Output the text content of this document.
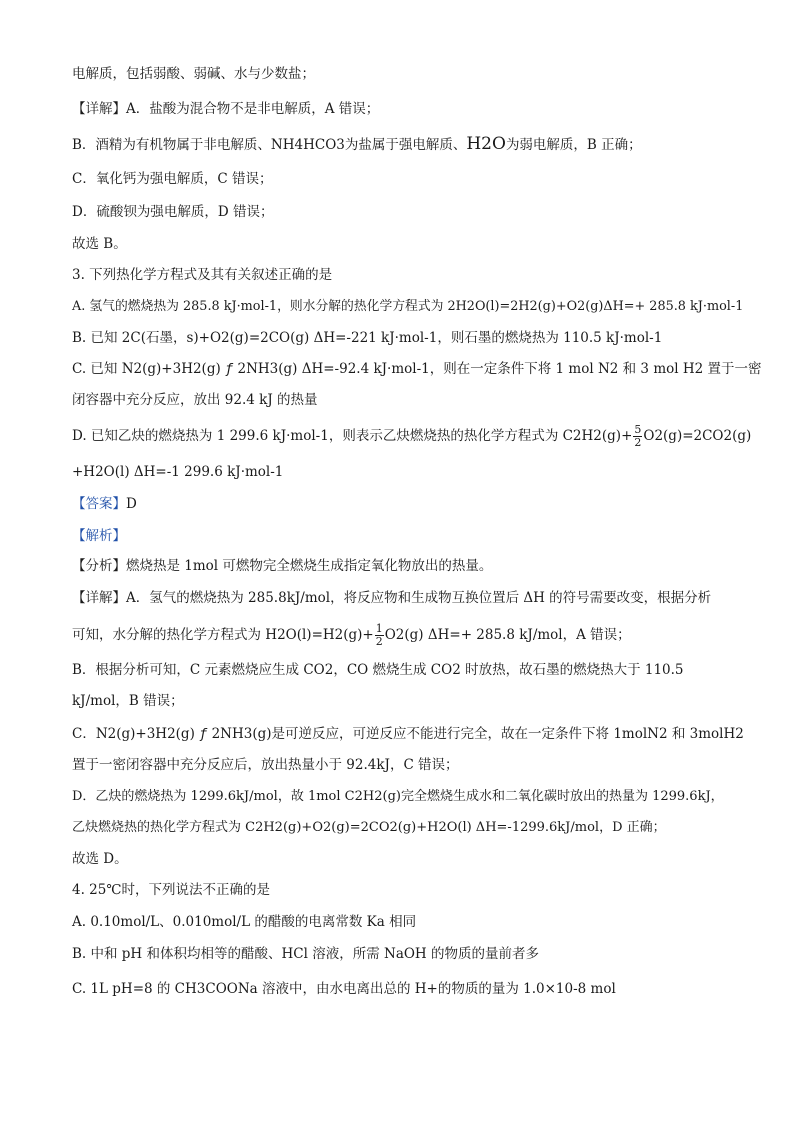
电解质，包括弱酸、弱碱、水与少数盐；
【详解】A．盐酸为混合物不是非电解质，A 错误；
B．酒精为有机物属于非电解质、NH4HCO3为盐属于强电解质、H2O为弱电解质，B 正确；
C．氧化钙为强电解质，C 错误；
D．硫酸钡为强电解质，D 错误；
故选 B。
3. 下列热化学方程式及其有关叙述正确的是
A. 氢气的燃烧热为 285.8 kJ·mol-1，则水分解的热化学方程式为 2H2O(l)=2H2(g)+O2(g)ΔH=+ 285.8 kJ·mol-1
B. 已知 2C(石墨，s)+O2(g)=2CO(g) ΔH=-221 kJ·mol-1，则石墨的燃烧热为 110.5 kJ·mol-1
C. 已知 N2(g)+3H2(g) ƒ 2NH3(g) ΔH=-92.4 kJ·mol-1，则在一定条件下将 1 mol N2 和 3 mol H2 置于一密
闭容器中充分反应，放出 92.4 kJ 的热量
D. 已知乙炔的燃烧热为 1 299.6 kJ·mol-1，则表示乙炔燃烧热的热化学方程式为 $C2H2(g)+ \frac{5}{2} O2(g)=2CO2(g)$
+H2O(l) ΔH=-1 299.6 kJ·mol-1
【答案】D
【解析】
【分析】燃烧热是 1mol 可燃物完全燃烧生成指定氧化物放出的热量。
【详解】A．氢气的燃烧热为 285.8kJ/mol，将反应物和生成物互换位置后 ΔH 的符号需要改变，根据分析
可知，水分解的热化学方程式为 $H2O(l)=H2(g)+ \frac{1}{2} O2(g)$ ΔH=+ 285.8 kJ/mol，A 错误；
B．根据分析可知，C 元素燃烧应生成 CO2，CO 燃烧生成 CO2 时放热，故石墨的燃烧热大于 110.5
kJ/mol，B 错误；
C．N2(g)+3H2(g) ƒ 2NH3(g)是可逆反应，可逆反应不能进行完全，故在一定条件下将 1molN2 和 3molH2
置于一密闭容器中充分反应后，放出热量小于 92.4kJ，C 错误；
D．乙炔的燃烧热为 1299.6kJ/mol，故 1mol C2H2(g)完全燃烧生成水和二氧化碳时放出的热量为 1299.6kJ，
乙炔燃烧热的热化学方程式为 C2H2(g)+O2(g)=2CO2(g)+H2O(l) ΔH=-1299.6kJ/mol，D 正确；
故选 D。
4. 25℃时，下列说法不正确的是
A. 0.10mol/L、0.010mol/L 的醋酸的电离常数 Ka 相同
B. 中和 pH 和体积均相等的醋酸、HCl 溶液，所需 NaOH 的物质的量前者多
C. 1L pH=8 的 CH3COONa 溶液中，由水电离出总的 H+的物质的量为 1.0×10-8 mol
